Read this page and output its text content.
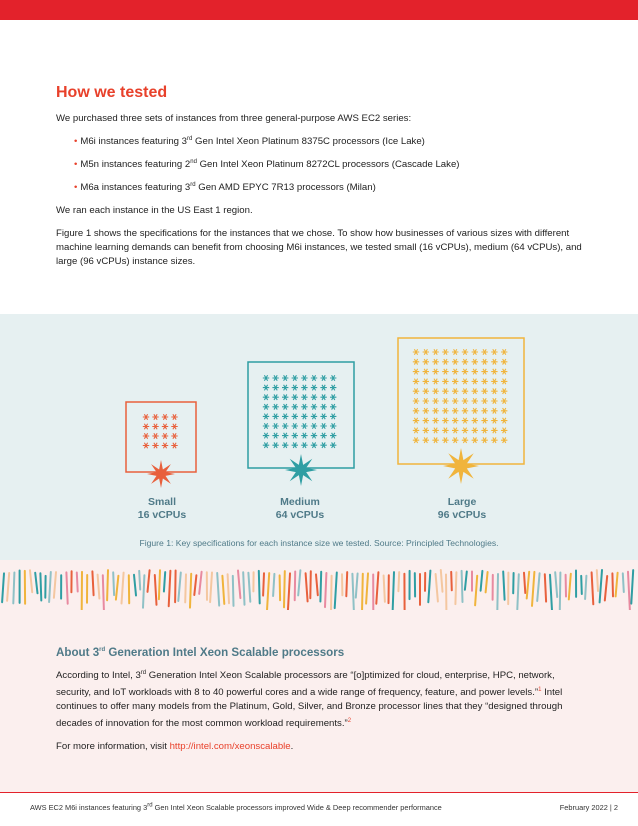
How we tested

We purchased three sets of instances from three general-purpose AWS EC2 series:

• M6i instances featuring 3rd Gen Intel Xeon Platinum 8375C processors (Ice Lake)
• M5n instances featuring 2nd Gen Intel Xeon Platinum 8272CL processors (Cascade Lake)
• M6a instances featuring 3rd Gen AMD EPYC 7R13 processors (Milan)

We ran each instance in the US East 1 region.

Figure 1 shows the specifications for the instances that we chose. To show how businesses of various sizes with different machine learning demands can benefit from choosing M6i instances, we tested small (16 vCPUs), medium (64 vCPUs), and large (96 vCPUs) instance sizes.

Small
16 vCPUs
Medium
64 vCPUs
Large
96 vCPUs
Figure 1: Key specifications for each instance size we tested. Source: Principled Technologies.
About 3rd Generation Intel Xeon Scalable processors

According to Intel, 3rd Generation Intel Xeon Scalable processors are “[o]ptimized for cloud, enterprise, HPC, network, security, and IoT workloads with 8 to 40 powerful cores and a wide range of frequency, feature, and power levels.”$^1$ Intel continues to offer many models from the Platinum, Gold, Silver, and Bronze processor lines that they “designed through decades of innovation for the most common workload requirements.”$^2$

For more information, visit http://intel.com/xeonscalable.

AWS EC2 M6i instances featuring 3rd Gen Intel Xeon Scalable processors improved Wide & Deep recommender performance	February 2022 | 2
